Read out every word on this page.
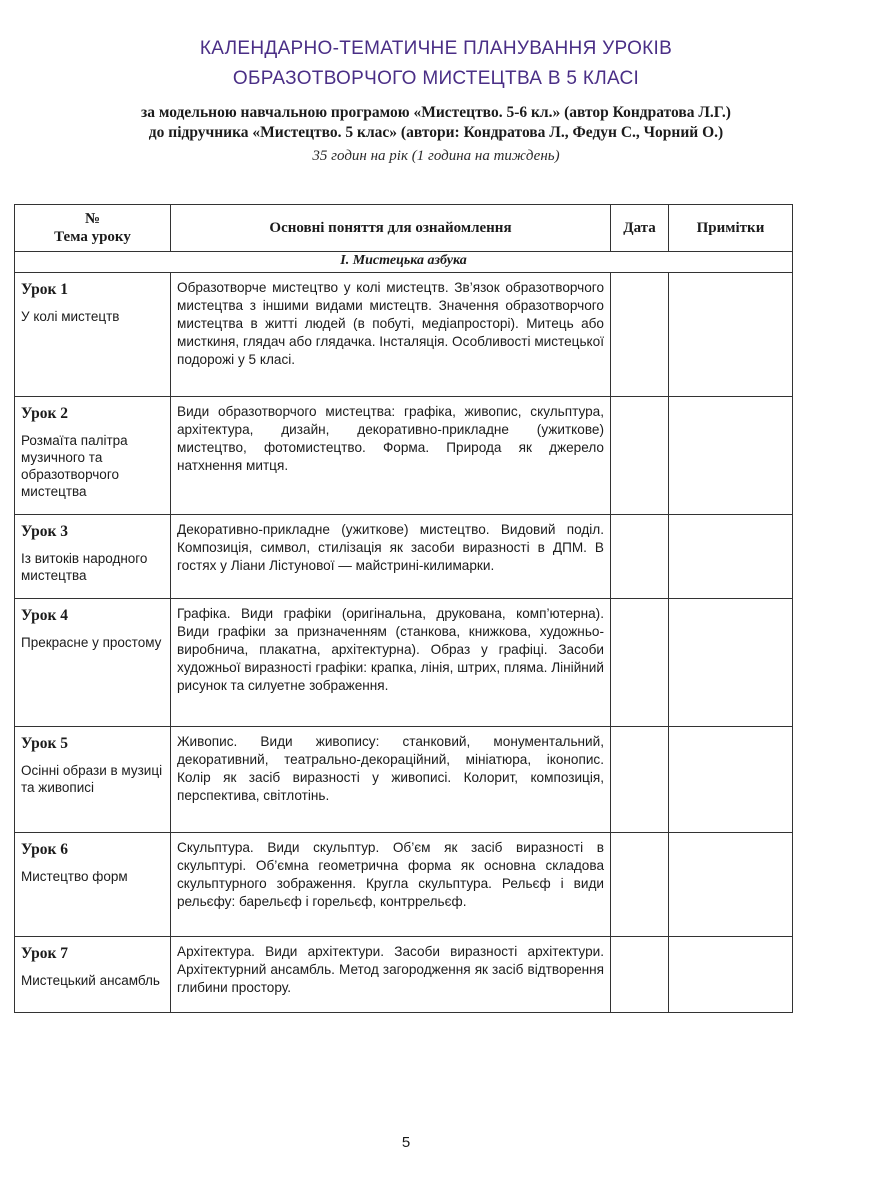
КАЛЕНДАРНО-ТЕМАТИЧНЕ ПЛАНУВАННЯ УРОКІВ
ОБРАЗОТВОРЧОГО МИСТЕЦТВА В 5 КЛАСІ
за модельною навчальною програмою «Мистецтво. 5-6 кл.» (автор Кондратова Л.Г.)
до підручника «Мистецтво. 5 клас» (автори: Кондратова Л., Федун С., Чорний О.)
35 годин на рік (1 година на тиждень)
№
Тема уроку	Основні поняття для ознайомлення	Дата	Примітки
І. Мистецька азбука			

Урок 1
У колі мистецтв	Образотворче мистецтво у колі мистецтв. Зв’язок образотворчого мистецтва з іншими видами мистецтв. Значення образотворчого мистецтва в житті людей (в побуті, медіапросторі). Митець або мисткиня, глядач або глядачка. Інсталяція. Особливості мистецької подорожі у 5 класі.		

Урок 2
Розмаїта палітра музичного та образотворчого мистецтва	Види образотворчого мистецтва: графіка, живопис, скульптура, архітектура, дизайн, декоративно-прикладне (ужиткове) мистецтво, фотомистецтво. Форма. Природа як джерело натхнення митця.		

Урок 3
Із витоків народного мистецтва	Декоративно-прикладне (ужиткове) мистецтво. Видовий поділ. Композиція, символ, стилізація як засоби виразності в ДПМ. В гостях у Ліани Лістунової — майстрині-килимарки.		

Урок 4
Прекрасне у простому	Графіка. Види графіки (оригінальна, друкована, комп’ютерна). Види графіки за призначенням (станкова, книжкова, художньо-виробнича, плакатна, архітектурна). Образ у графіці. Засоби художньої виразності графіки: крапка, лінія, штрих, пляма. Лінійний рисунок та силуетне зображення.		

Урок 5
Осінні образи в музиці та живописі	Живопис. Види живопису: станковий, монументальний, декоративний, театрально-декораційний, мініатюра, іконопис. Колір як засіб виразності у живописі. Колорит, композиція, перспектива, світлотінь.		

Урок 6
Мистецтво форм	Скульптура. Види скульптур. Об’єм як засіб виразності в скульптурі. Об’ємна геометрична форма як основна складова скульптурного зображення. Кругла скульптура. Рельєф і види рельєфу: барельєф і горельєф, контррельєф.		

Урок 7
Мистецький ансамбль	Архітектура. Види архітектури. Засоби виразності архітектури. Архітектурний ансамбль. Метод загородження як засіб відтворення глибини простору.		
5
